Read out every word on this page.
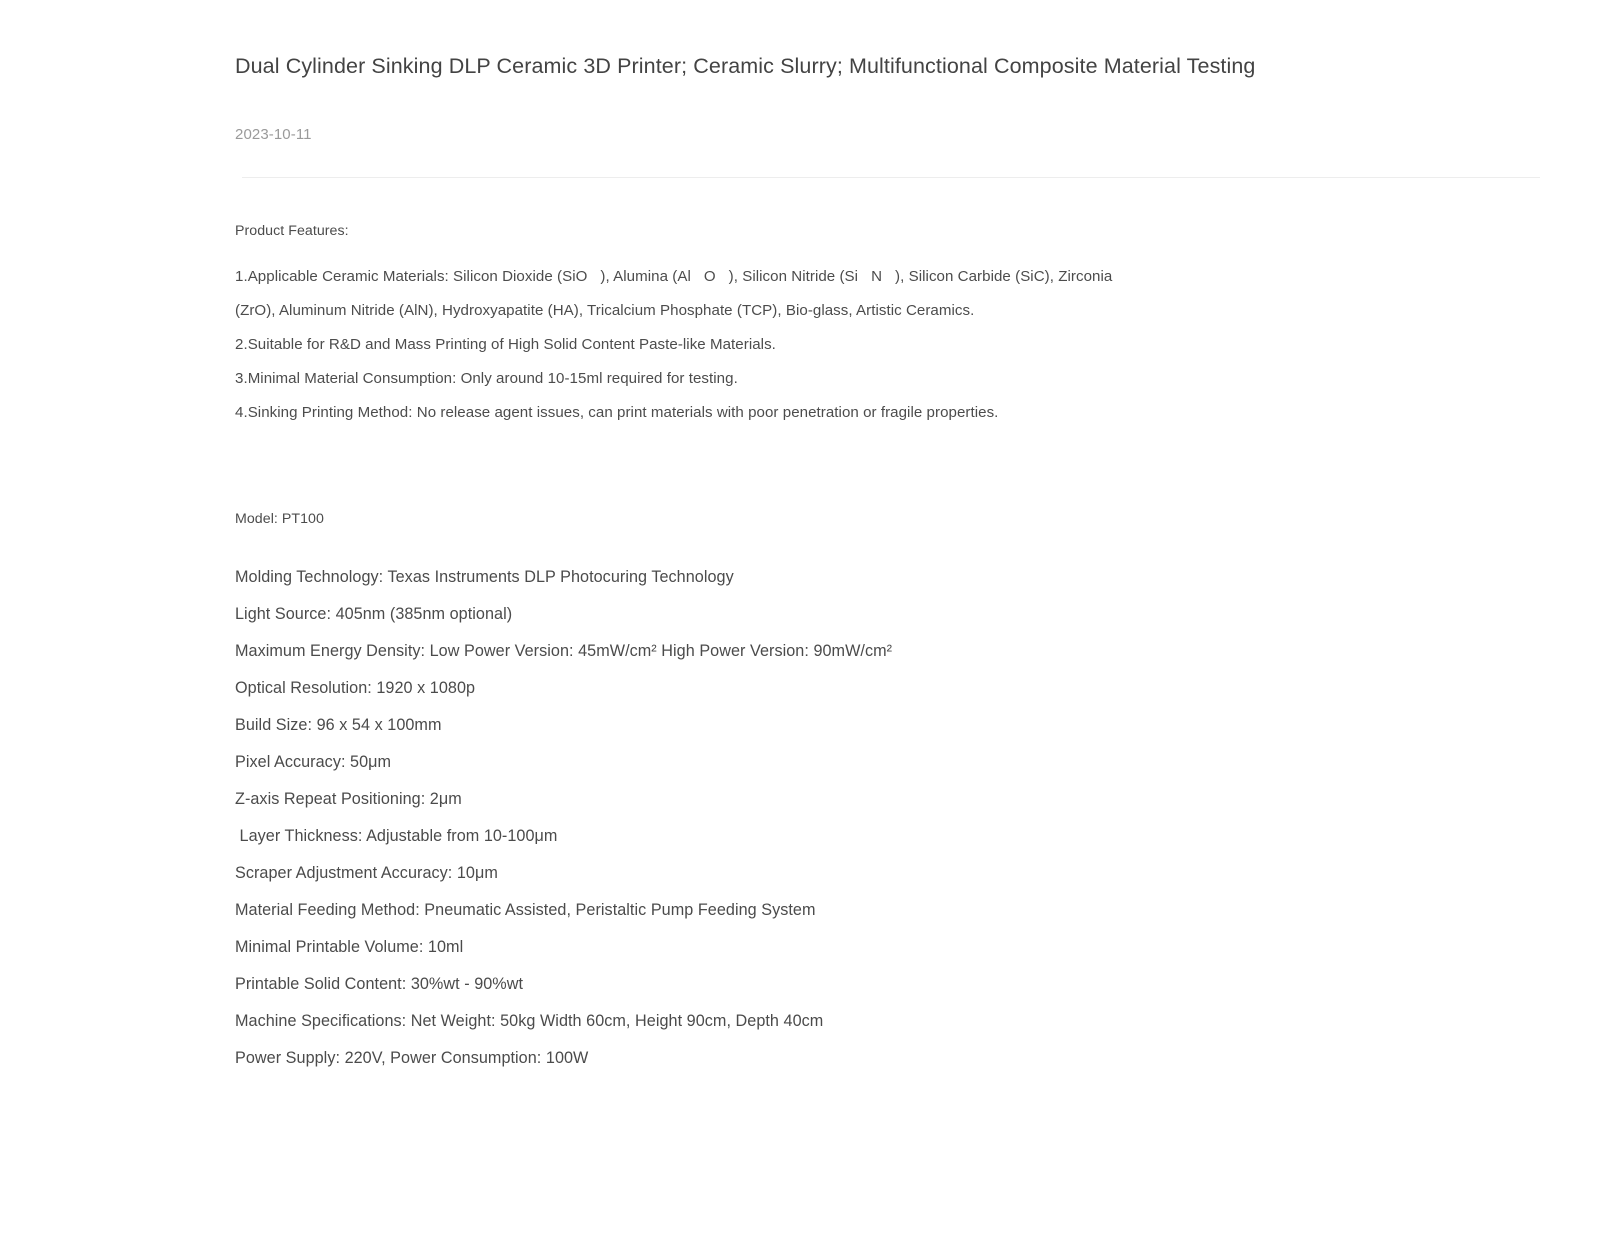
Dual Cylinder Sinking DLP Ceramic 3D Printer; Ceramic Slurry; Multifunctional Composite Material Testing

2023-10-11

Product Features:

1.Applicable Ceramic Materials: Silicon Dioxide (SiO ), Alumina (Al O ), Silicon Nitride (Si N ), Silicon Carbide (SiC), Zirconia (ZrO), Aluminum Nitride (AlN), Hydroxyapatite (HA), Tricalcium Phosphate (TCP), Bio-glass, Artistic Ceramics.
2.Suitable for R&D and Mass Printing of High Solid Content Paste-like Materials.
3.Minimal Material Consumption: Only around 10-15ml required for testing.
4.Sinking Printing Method: No release agent issues, can print materials with poor penetration or fragile properties.

Model: PT100

Molding Technology: Texas Instruments DLP Photocuring Technology
Light Source: 405nm (385nm optional)
Maximum Energy Density: Low Power Version: 45mW/cm² High Power Version: 90mW/cm²
Optical Resolution: 1920 x 1080p
Build Size: 96 x 54 x 100mm
Pixel Accuracy: 50μm
Z-axis Repeat Positioning: 2μm
Layer Thickness: Adjustable from 10-100μm
Scraper Adjustment Accuracy: 10μm
Material Feeding Method: Pneumatic Assisted, Peristaltic Pump Feeding System
Minimal Printable Volume: 10ml
Printable Solid Content: 30%wt - 90%wt
Machine Specifications: Net Weight: 50kg Width 60cm, Height 90cm, Depth 40cm
Power Supply: 220V, Power Consumption: 100W
